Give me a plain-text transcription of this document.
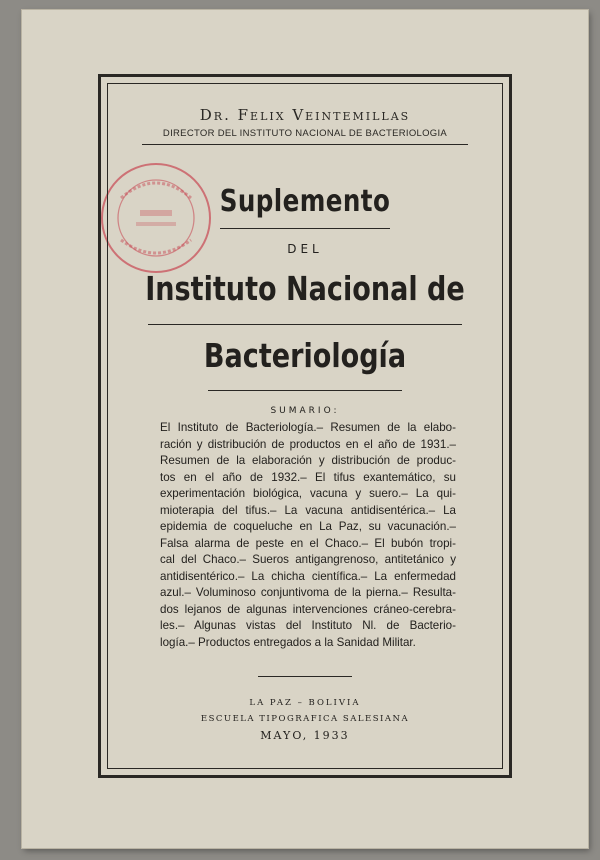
Dr. Felix Veintemillas
DIRECTOR DEL INSTITUTO NACIONAL DE BACTERIOLOGIA
Suplemento
DEL
Instituto Nacional de
Bacteriología
SUMARIO:
El Instituto de Bacteriología.– Resumen de la elabo-
ración y distribución de productos en el año de 1931.–
Resumen de la elaboración y distribución de produc-
tos en el año de 1932.– El tifus exantemático, su
experimentación biológica, vacuna y suero.– La qui-
mioterapia del tifus.– La vacuna antidisentérica.– La
epidemia de coqueluche en La Paz, su vacunación.–
Falsa alarma de peste en el Chaco.– El bubón tropi-
cal del Chaco.– Sueros antigangrenoso, antitetánico y
antidisentérico.– La chicha científica.– La enfermedad
azul.– Voluminoso conjuntivoma de la pierna.– Resulta-
dos lejanos de algunas intervenciones cráneo-cerebra-
les.– Algunas vistas del Instituto Nl. de Bacterio-
logía.– Productos entregados a la Sanidad Militar.
LA PAZ – BOLIVIA
ESCUELA TIPOGRAFICA SALESIANA
MAYO, 1933
